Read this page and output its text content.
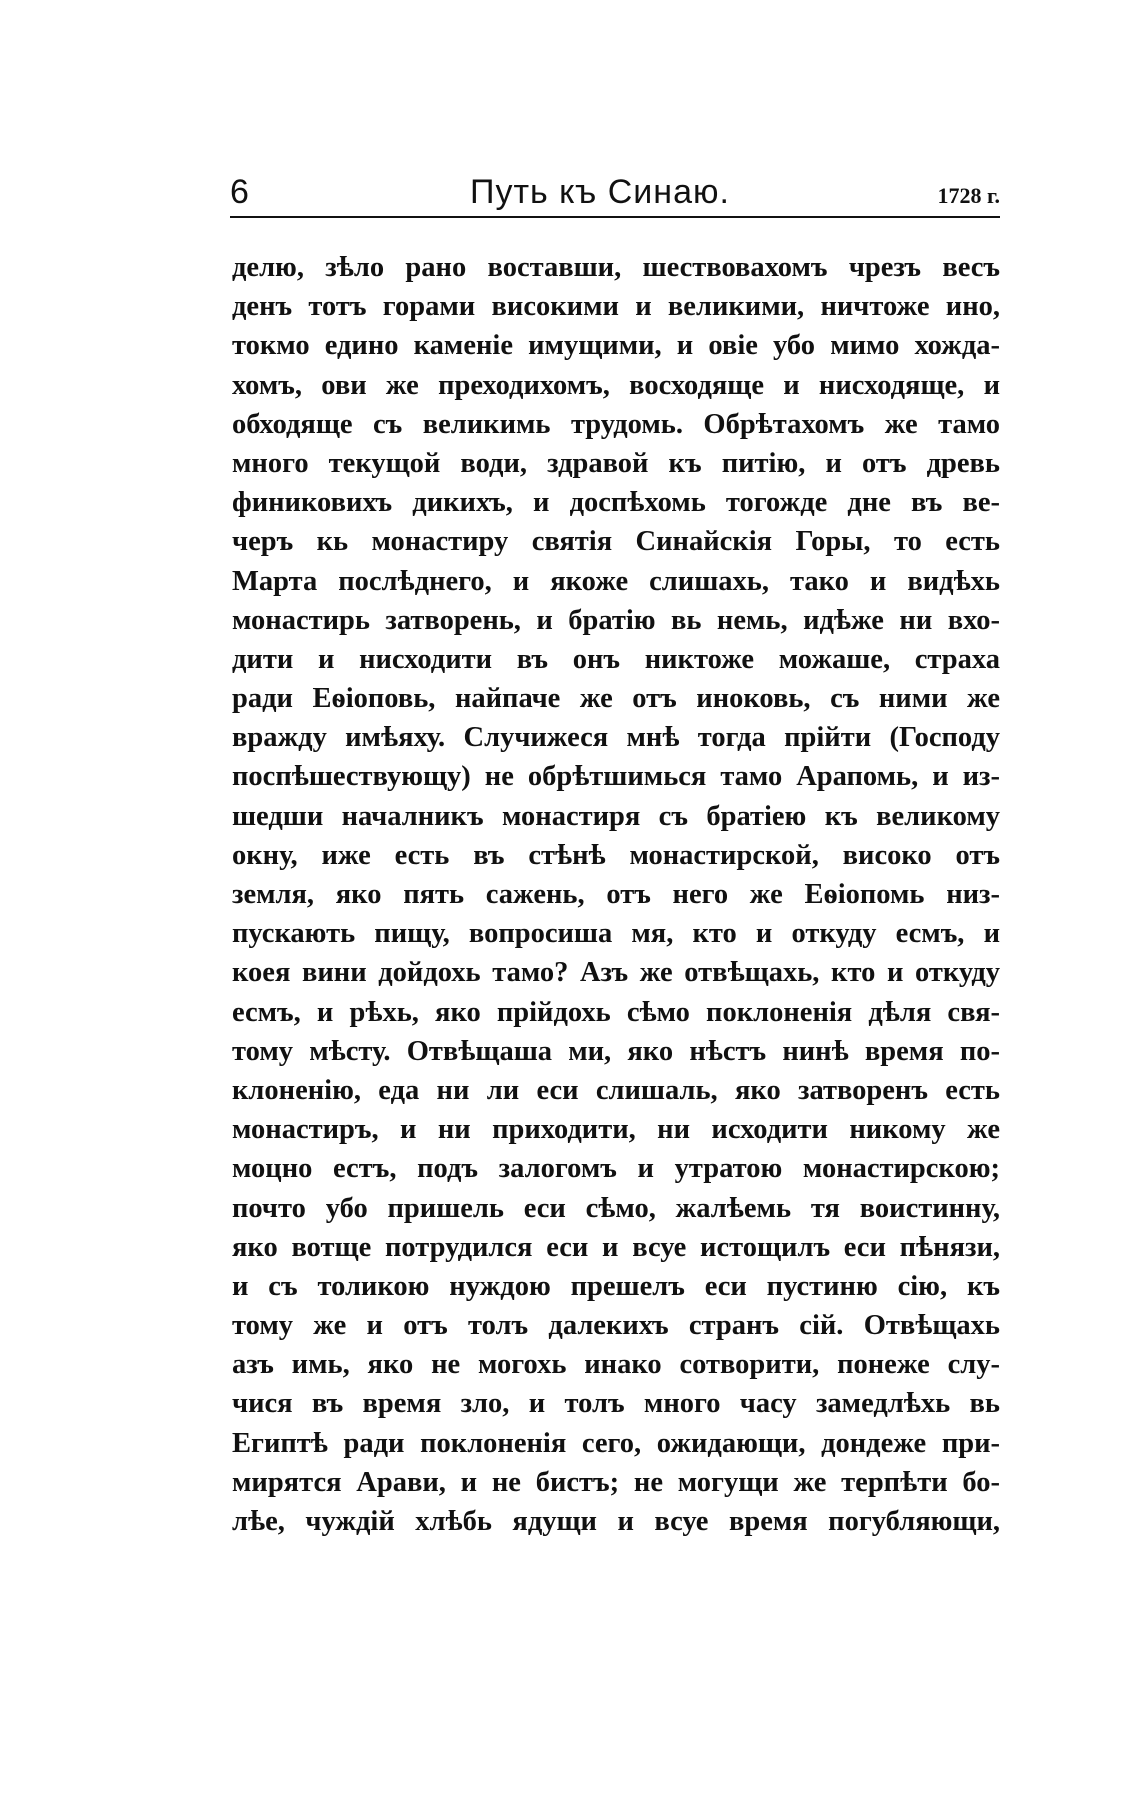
6	Путь къ Синаю.	1728 г.
делю, зѣло рано воставши, шествовахомъ чрезъ весъ
денъ тотъ горами високими и великими, ничтоже ино,
токмо едино каменіе имущими, и овіе убо мимо хожда-
хомъ, ови же преходихомъ, восходяще и нисходяще, и
обходяще съ великимь трудомь. Обрѣтахомъ же тамо
много текущой води, здравой къ питію, и отъ древь
финиковихъ дикихъ, и доспѣхомь тогожде дне въ ве-
черъ кь монастиру святія Синайскія Горы, то есть
Марта послѣднего, и якоже слишахь, тако и видѣхь
монастирь затворень, и братію вь немь, идѣже ни вхо-
дити и нисходити въ онъ никтоже можаше, страха
ради Еѳіоповь, найпаче же отъ иноковь, съ ними же
вражду имѣяху. Случижеся мнѣ тогда прійти (Господу
поспѣшествующу) не обрѣтшимься тамо Арапомь, и из-
шедши началникъ монастиря съ братіею къ великому
окну, иже есть въ стѣнѣ монастирской, високо отъ
земля, яко пять сажень, отъ него же Еѳіопомь низ-
пускають пищу, вопросиша мя, кто и откуду есмъ, и
коея вини дойдохь тамо? Азъ же отвѣщахь, кто и откуду
есмъ, и рѣхь, яко прійдохь сѣмо поклоненія дѣля свя-
тому мѣсту. Отвѣщаша ми, яко нѣстъ нинѣ время по-
клоненію, еда ни ли еси слишаль, яко затворенъ есть
монастиръ, и ни приходити, ни исходити никому же
моцно естъ, подъ залогомъ и утратою монастирскою;
почто убо пришель еси сѣмо, жалѣемь тя воистинну,
яко вотще потрудился еси и всуе истощилъ еси пѣнязи,
и съ толикою нуждою прешелъ еси пустиню сію, къ
тому же и отъ толъ далекихъ странъ сій. Отвѣщахь
азъ имь, яко не могохь инако сотворити, понеже слу-
чися въ время зло, и толъ много часу замедлѣхь вь
Египтѣ ради поклоненія сего, ожидающи, дондеже при-
мирятся Арави, и не бистъ; не могущи же терпѣти бо-
лѣе, чуждій хлѣбь ядущи и всуе время погубляющи,
